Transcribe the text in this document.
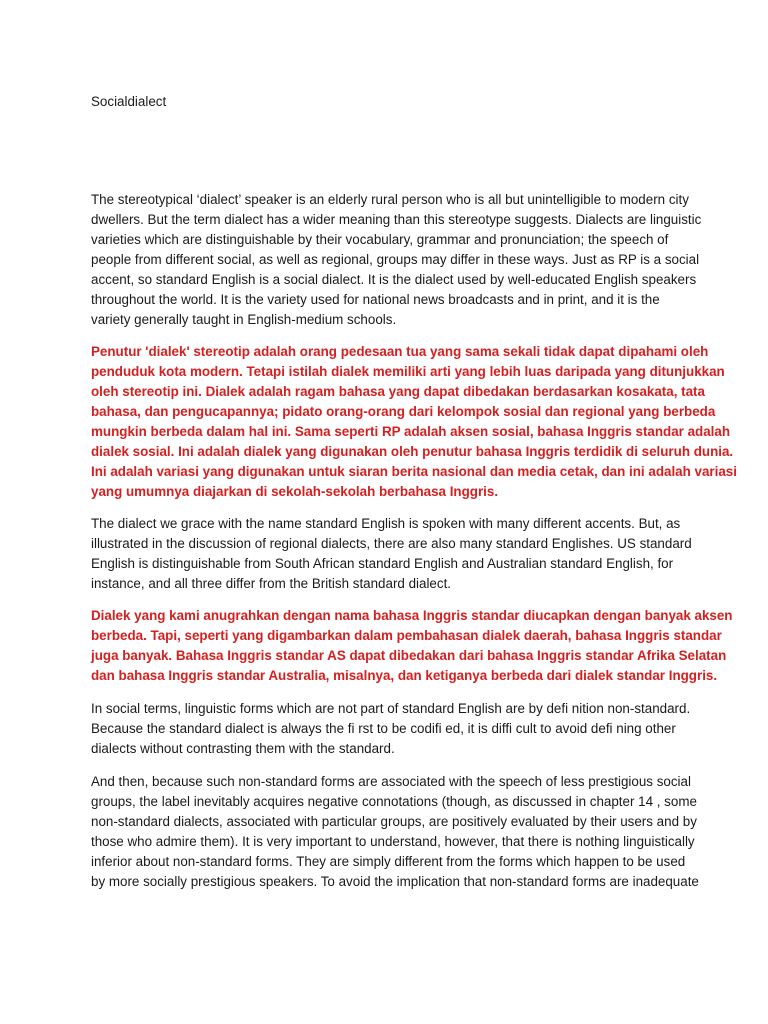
Socialdialect

The stereotypical ‘dialect’ speaker is an elderly rural person who is all but unintelligible to modern city
dwellers. But the term dialect has a wider meaning than this stereotype suggests. Dialects are linguistic
varieties which are distinguishable by their vocabulary, grammar and pronunciation; the speech of
people from different social, as well as regional, groups may differ in these ways. Just as RP is a social
accent, so standard English is a social dialect. It is the dialect used by well-educated English speakers
throughout the world. It is the variety used for national news broadcasts and in print, and it is the
variety generally taught in English-medium schools.

Penutur 'dialek' stereotip adalah orang pedesaan tua yang sama sekali tidak dapat dipahami oleh
penduduk kota modern. Tetapi istilah dialek memiliki arti yang lebih luas daripada yang ditunjukkan
oleh stereotip ini. Dialek adalah ragam bahasa yang dapat dibedakan berdasarkan kosakata, tata
bahasa, dan pengucapannya; pidato orang-orang dari kelompok sosial dan regional yang berbeda
mungkin berbeda dalam hal ini. Sama seperti RP adalah aksen sosial, bahasa Inggris standar adalah
dialek sosial. Ini adalah dialek yang digunakan oleh penutur bahasa Inggris terdidik di seluruh dunia.
Ini adalah variasi yang digunakan untuk siaran berita nasional dan media cetak, dan ini adalah variasi
yang umumnya diajarkan di sekolah-sekolah berbahasa Inggris.

The dialect we grace with the name standard English is spoken with many different accents. But, as
illustrated in the discussion of regional dialects, there are also many standard Englishes. US standard
English is distinguishable from South African standard English and Australian standard English, for
instance, and all three differ from the British standard dialect.

Dialek yang kami anugrahkan dengan nama bahasa Inggris standar diucapkan dengan banyak aksen
berbeda. Tapi, seperti yang digambarkan dalam pembahasan dialek daerah, bahasa Inggris standar
juga banyak. Bahasa Inggris standar AS dapat dibedakan dari bahasa Inggris standar Afrika Selatan
dan bahasa Inggris standar Australia, misalnya, dan ketiganya berbeda dari dialek standar Inggris.

In social terms, linguistic forms which are not part of standard English are by defi nition non-standard.
Because the standard dialect is always the fi rst to be codifi ed, it is diffi cult to avoid defi ning other
dialects without contrasting them with the standard.

And then, because such non-standard forms are associated with the speech of less prestigious social
groups, the label inevitably acquires negative connotations (though, as discussed in chapter 14 , some
non-standard dialects, associated with particular groups, are positively evaluated by their users and by
those who admire them). It is very important to understand, however, that there is nothing linguistically
inferior about non-standard forms. They are simply different from the forms which happen to be used
by more socially prestigious speakers. To avoid the implication that non-standard forms are inadequate
